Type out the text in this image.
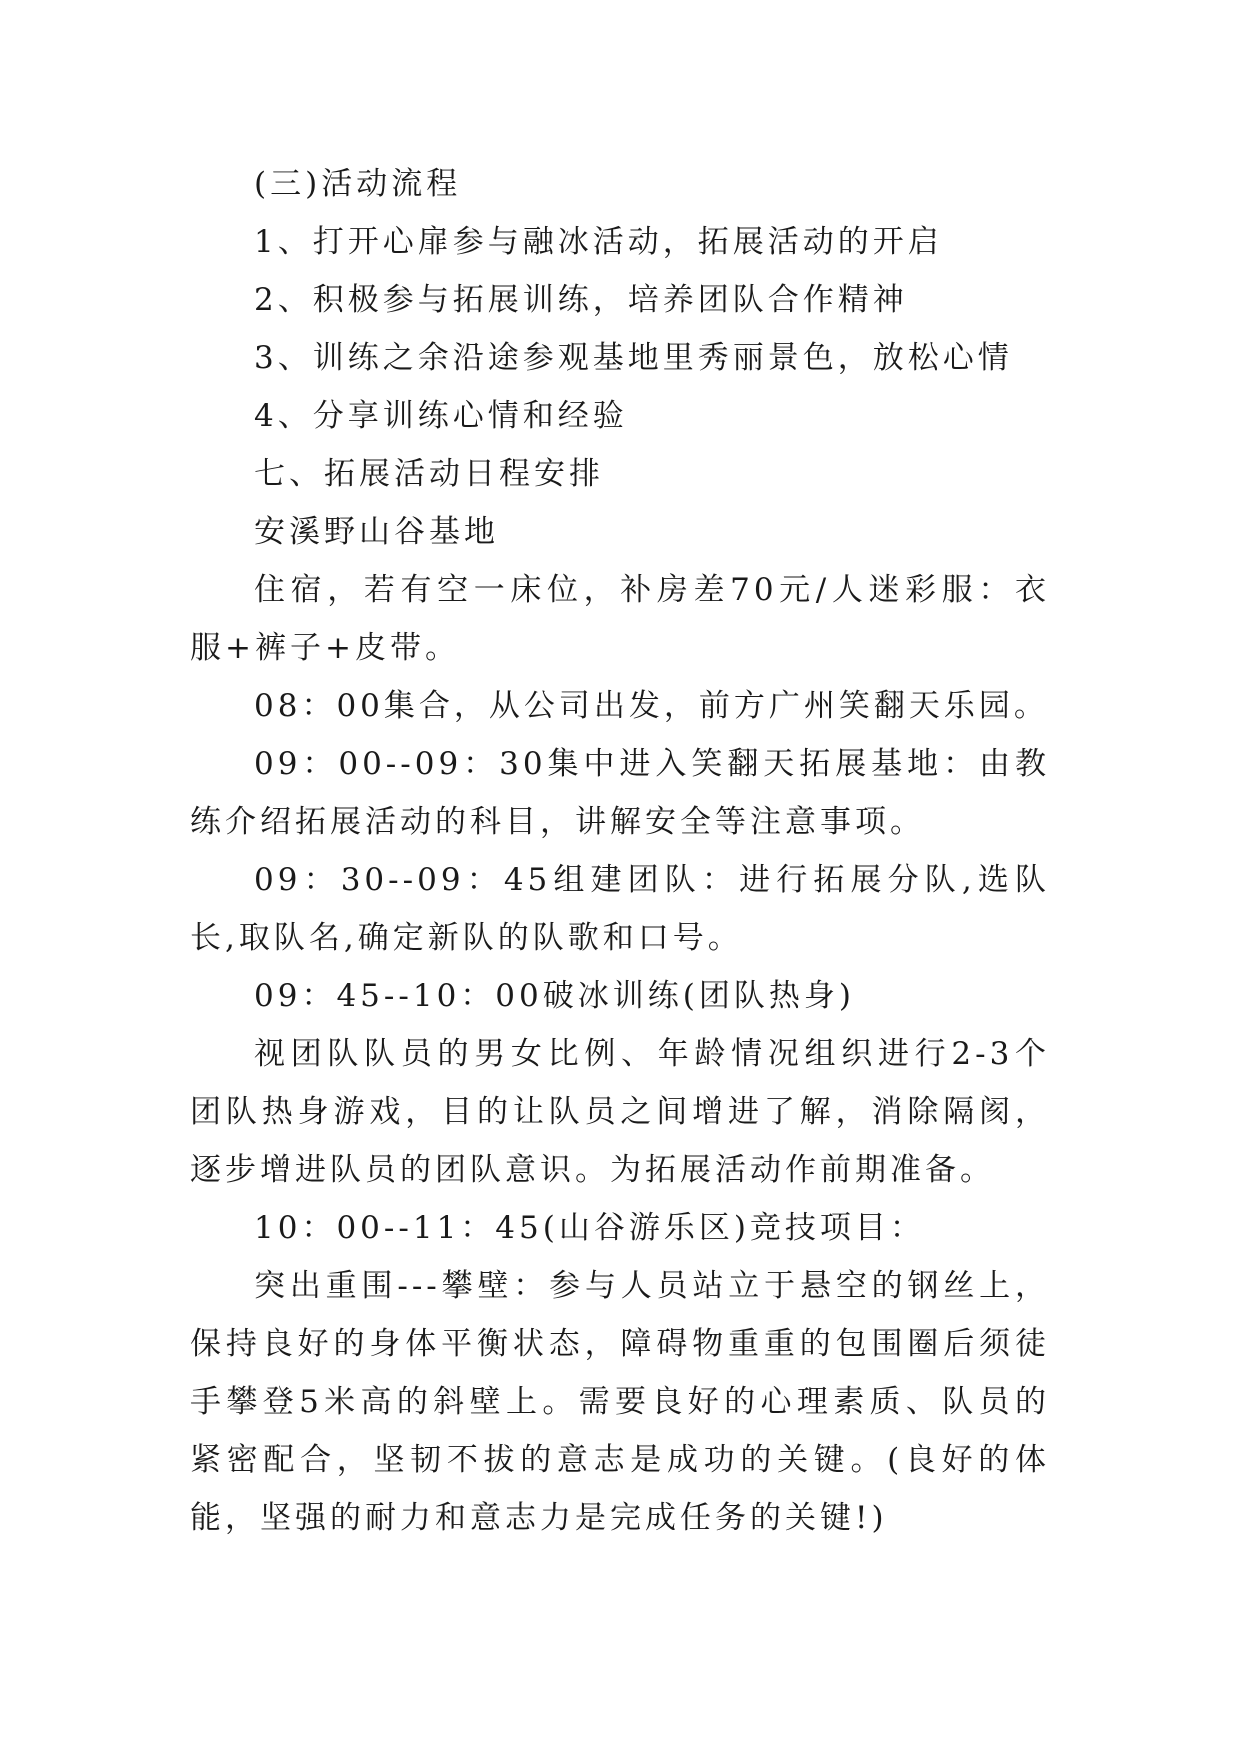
(三)活动流程

1、打开心扉参与融冰活动，拓展活动的开启

2、积极参与拓展训练，培养团队合作精神

3、训练之余沿途参观基地里秀丽景色，放松心情

4、分享训练心情和经验

七、拓展活动日程安排

安溪野山谷基地

住宿，若有空一床位，补房差70元/人迷彩服：衣服+裤子+皮带。

08：00集合，从公司出发，前方广州笑翻天乐园。

09：00--09：30集中进入笑翻天拓展基地：由教练介绍拓展活动的科目，讲解安全等注意事项。

09：30--09：45组建团队：进行拓展分队,选队长,取队名,确定新队的队歌和口号。

09：45--10：00破冰训练(团队热身)

视团队队员的男女比例、年龄情况组织进行2-3个团队热身游戏，目的让队员之间增进了解，消除隔阂，逐步增进队员的团队意识。为拓展活动作前期准备。

10：00--11：45(山谷游乐区)竞技项目：

突出重围---攀壁：参与人员站立于悬空的钢丝上，保持良好的身体平衡状态，障碍物重重的包围圈后须徒手攀登5米高的斜壁上。需要良好的心理素质、队员的紧密配合，坚韧不拔的意志是成功的关键。(良好的体能，坚强的耐力和意志力是完成任务的关键!)
